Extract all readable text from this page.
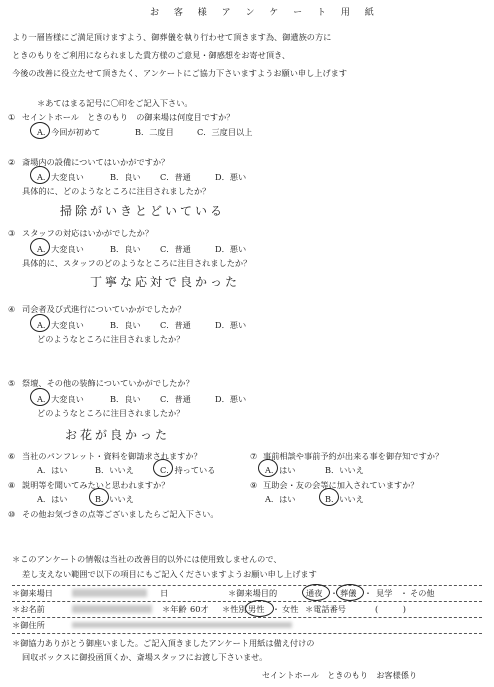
お 客 様 ア ン ケ ー ト 用 紙
より一層皆様にご満足頂けますよう、御葬儀を執り行わせて頂きます為、御遺族の方に
ときのもりをご利用になられました貴方様のご意見・御感想をお寄せ頂き、
今後の改善に役立たせて頂きたく、アンケートにご協力下さいますようお願い申し上げます
＊あてはまる記号に〇印をご記入下さい。
① セイントホール　ときのもり　の御来場は何度目ですか？
A．今回が初めて	B．二度目	C．三度目以上
② 斎場内の設備についてはいかがですか？
A．大変良い	B．良い C．普通	D．悪い
具体的に、どのようなところに注目されましたか？
掃除がいきとどいている
③ スタッフの対応はいかがでしたか？
A．大変良い	B．良い C．普通	D．悪い
具体的に、スタッフのどのようなところに注目されましたか？
丁寧な応対で良かった
④ 司会者及び式進行についていかがでしたか？
A．大変良い	B．良い C．普通	D．悪い
どのようなところに注目されましたか？
⑤ 祭壇、その他の装飾についていかがでしたか？
A．大変良い	B．良い C．普通	D．悪い
どのようなところに注目されましたか？
お花が良かった
⑥ 当社のパンフレット・資料を御請求されますか？
A．はい	B．いいえ	C．持っている
⑦ 事前相談や事前予約が出来る事を御存知ですか？
A．はい	B．いいえ
⑧ 説明等を聞いてみたいと思われますか？
A．はい	B．いいえ
⑨ 互助会・友の会等に加入されていますか？
A．はい	B．いいえ
⑩ その他お気づきの点等ございましたらご記入下さい。
＊このアンケートの情報は当社の改善目的以外には使用致しませんので、
差し支えない範囲で以下の項目にもご記入くださいますようお願い申し上げます
＊御来場日	日	＊御来場目的	通夜 ・ 葬儀 ・ 見学 ・ その他
＊お名前	＊年齢 60才 ＊性別 男性 ・ 女性 ＊電話番号	(　　　)
＊御住所
＊御協力ありがとう御座いました。ご記入頂きましたアンケート用紙は備え付けの
回収ボックスに御投函頂くか、斎場スタッフにお渡し下さいませ。
セイントホール　ときのもり　お客様係り
